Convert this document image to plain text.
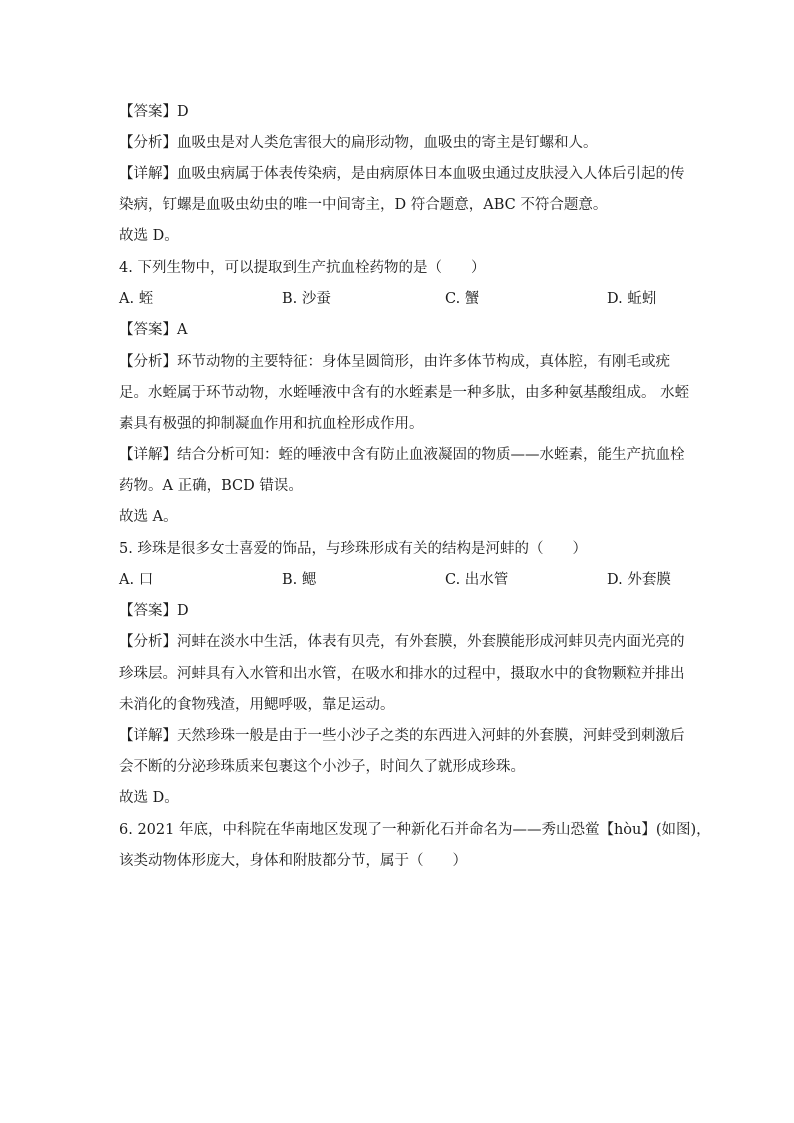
【答案】D
【分析】血吸虫是对人类危害很大的扁形动物，血吸虫的寄主是钉螺和人。
【详解】血吸虫病属于体表传染病，是由病原体日本血吸虫通过皮肤浸入人体后引起的传
染病，钉螺是血吸虫幼虫的唯一中间寄主，D 符合题意，ABC 不符合题意。
故选 D。
4. 下列生物中，可以提取到生产抗血栓药物的是（　　）
A. 蛭	B. 沙蚕	C. 蟹	D. 蚯蚓
【答案】A
【分析】环节动物的主要特征：身体呈圆筒形，由许多体节构成，真体腔，有刚毛或疣
足。水蛭属于环节动物，水蛭唾液中含有的水蛭素是一种多肽，由多种氨基酸组成。 水蛭
素具有极强的抑制凝血作用和抗血栓形成作用。
【详解】结合分析可知：蛭的唾液中含有防止血液凝固的物质——水蛭素，能生产抗血栓
药物。A 正确，BCD 错误。
故选 A。
5. 珍珠是很多女士喜爱的饰品，与珍珠形成有关的结构是河蚌的（　　）
A. 口	B. 鳃	C. 出水管	D. 外套膜
【答案】D
【分析】河蚌在淡水中生活，体表有贝壳，有外套膜，外套膜能形成河蚌贝壳内面光亮的
珍珠层。河蚌具有入水管和出水管，在吸水和排水的过程中，摄取水中的食物颗粒并排出
未消化的食物残渣，用鳃呼吸，靠足运动。
【详解】天然珍珠一般是由于一些小沙子之类的东西进入河蚌的外套膜，河蚌受到刺激后
会不断的分泌珍珠质来包裹这个小沙子，时间久了就形成珍珠。
故选 D。
6. 2021 年底，中科院在华南地区发现了一种新化石并命名为——秀山恐鲎【hòu】(如图)，
该类动物体形庞大，身体和附肢都分节，属于（　　）
